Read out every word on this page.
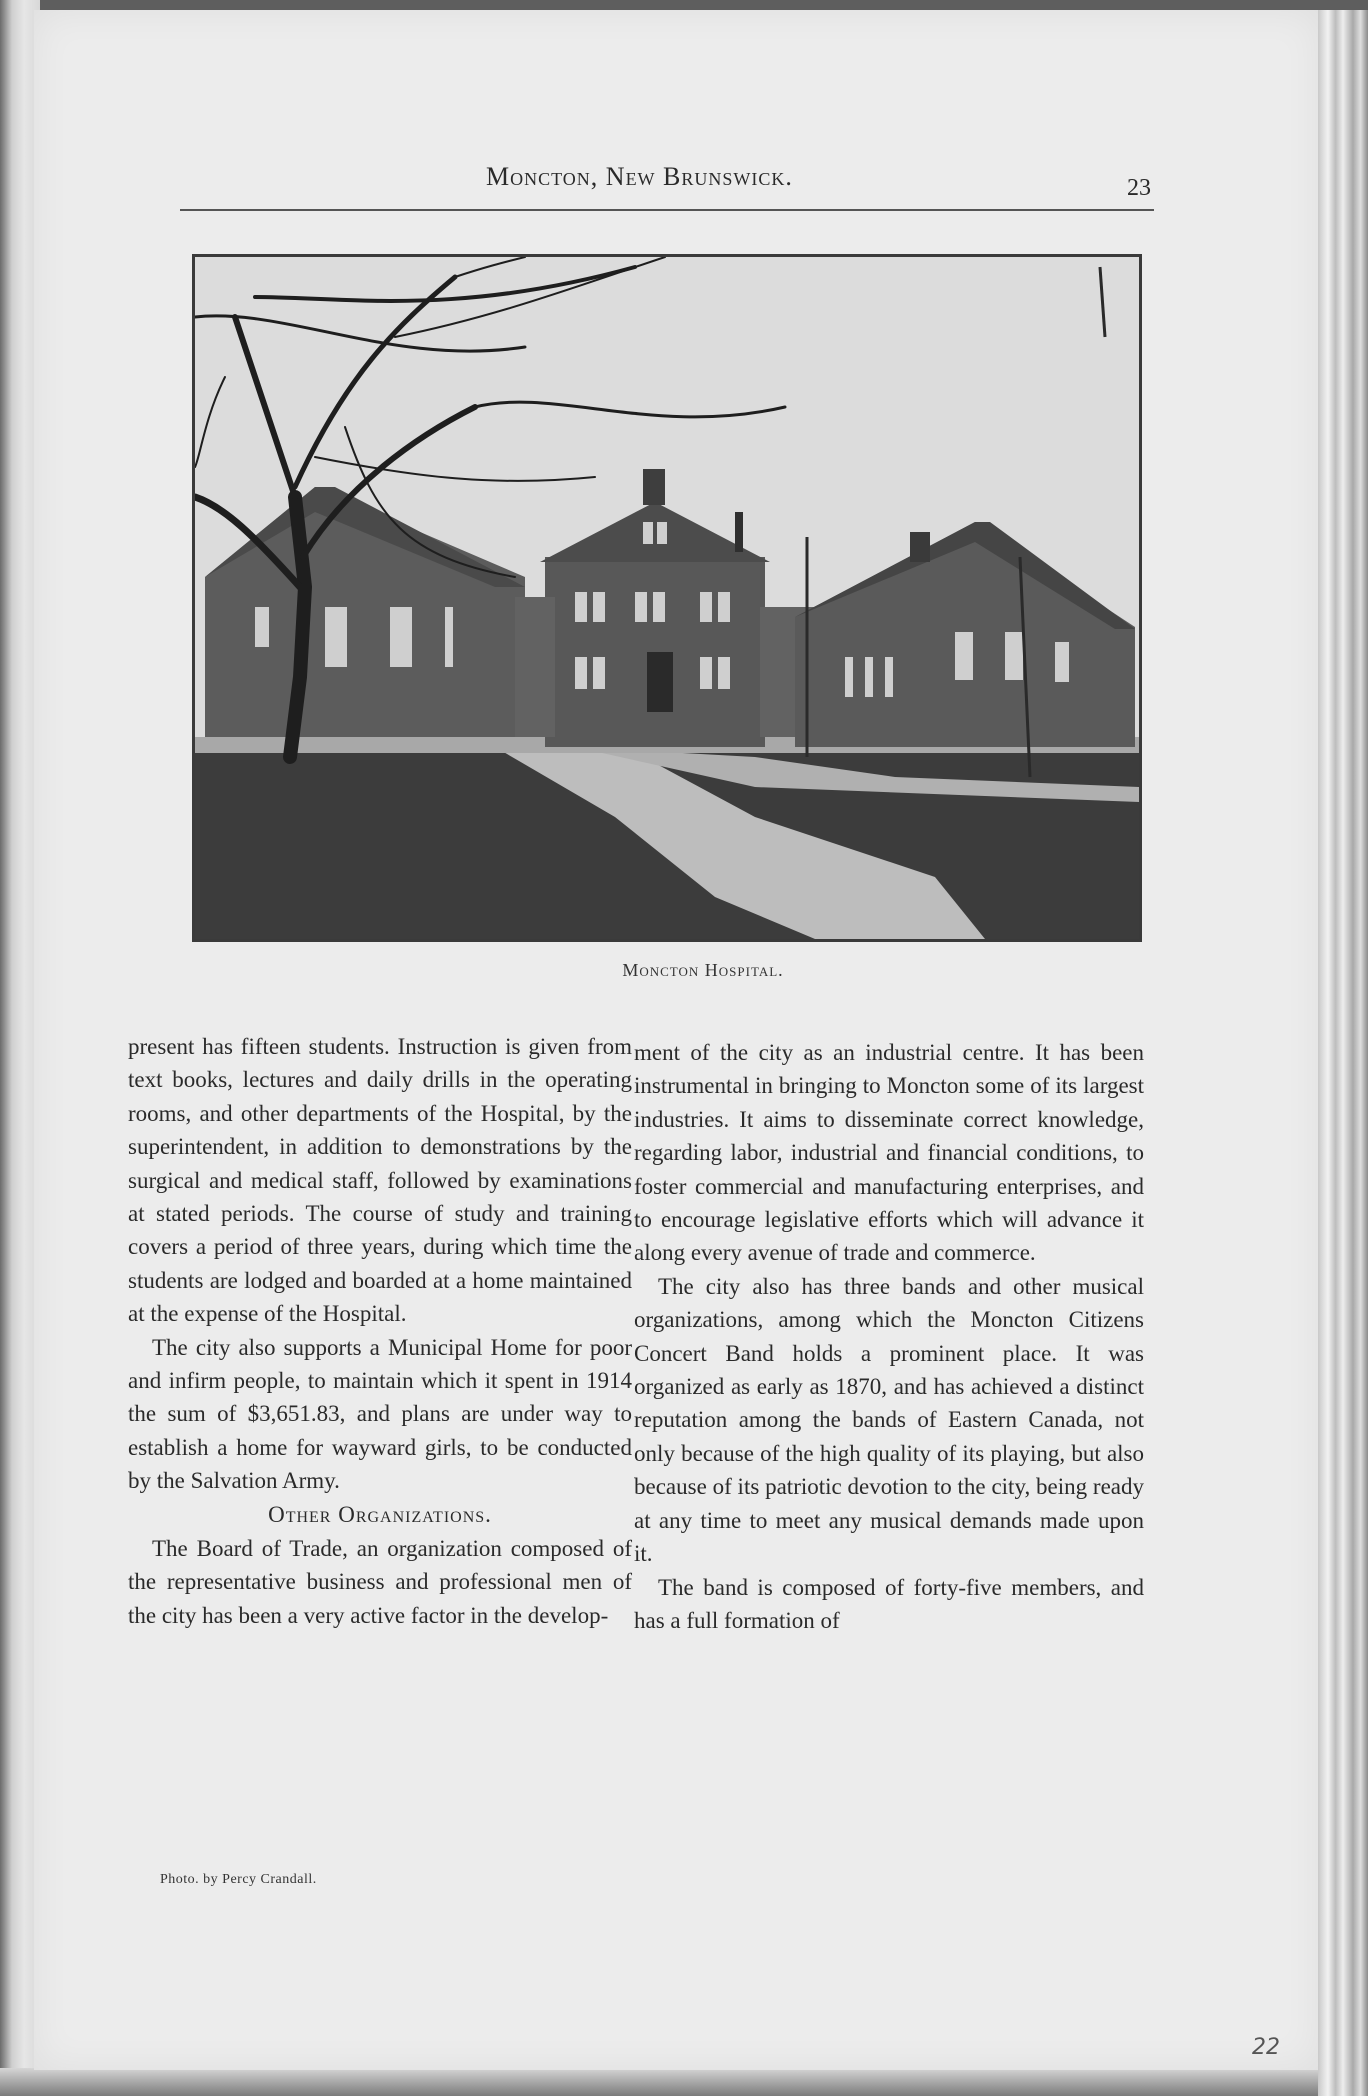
Moncton, New Brunswick.	23
Moncton Hospital.

present has fifteen students. Instruction is given from text books, lectures and daily drills in the operating rooms, and other departments of the Hospital, by the superintendent, in addition to demonstrations by the surgical and medical staff, followed by examinations at stated periods. The course of study and training covers a period of three years, during which time the students are lodged and boarded at a home maintained at the expense of the Hospital.

The city also supports a Municipal Home for poor and infirm people, to maintain which it spent in 1914 the sum of $3,651.83, and plans are under way to establish a home for wayward girls, to be conducted by the Salvation Army.

Other Organizations.

The Board of Trade, an organization composed of the representative business and professional men of the city has been a very active factor in the develop-

Photo. by Percy Crandall.

ment of the city as an industrial centre. It has been instrumental in bringing to Moncton some of its largest industries. It aims to disseminate correct knowledge, regarding labor, industrial and financial conditions, to foster commercial and manufacturing enterprises, and to encourage legislative efforts which will advance it along every avenue of trade and commerce.

The city also has three bands and other musical organizations, among which the Moncton Citizens Concert Band holds a prominent place. It was organized as early as 1870, and has achieved a distinct reputation among the bands of Eastern Canada, not only because of the high quality of its playing, but also because of its patriotic devotion to the city, being ready at any time to meet any musical demands made upon it.

The band is composed of forty-five members, and has a full formation of

22
